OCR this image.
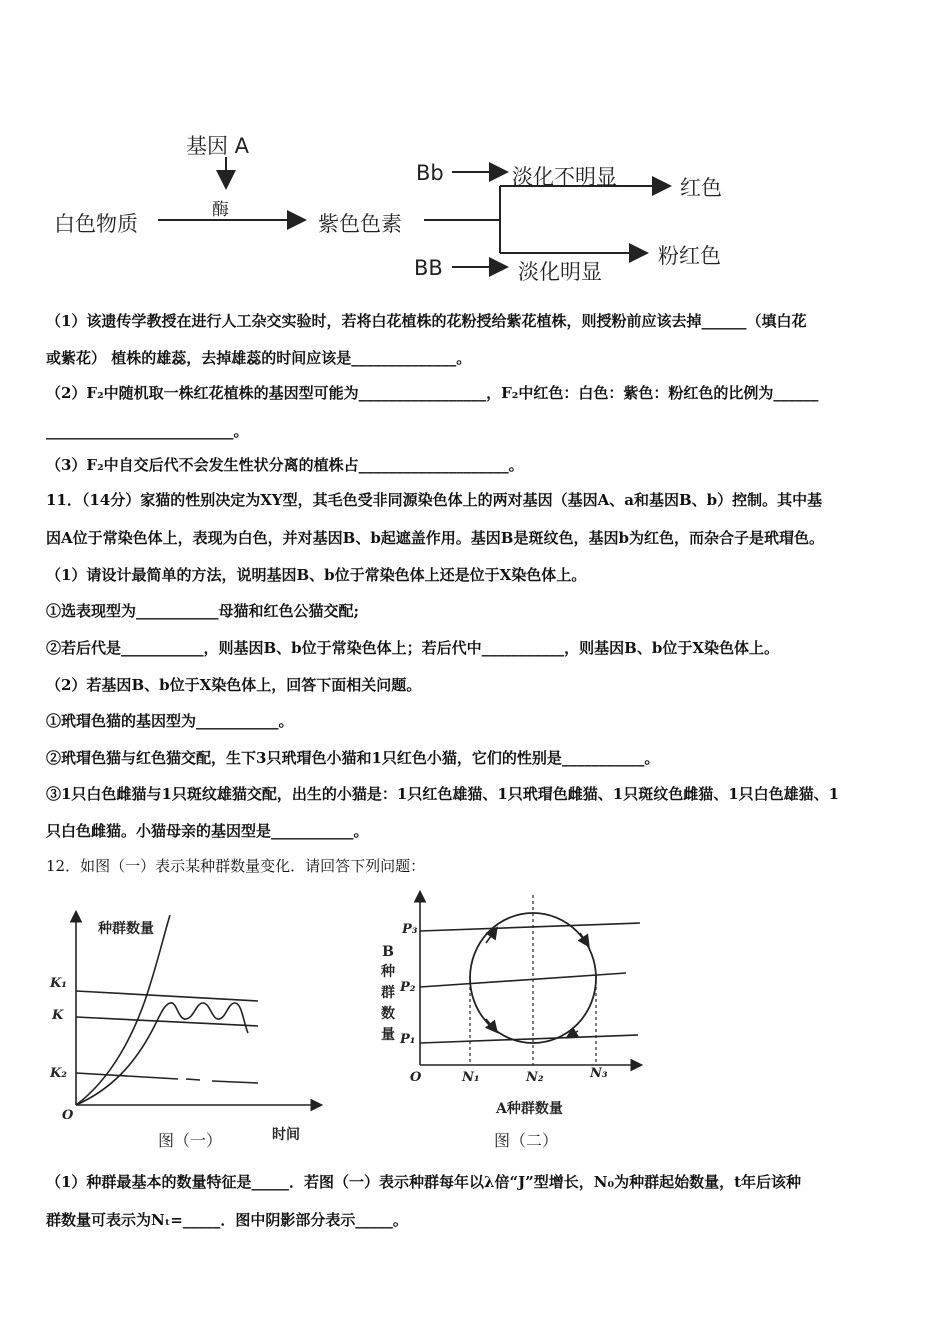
基因 A
酶
白色物质	紫色色素
Bb
BB
淡化不明显
淡化明显
红色
粉红色
（1）该遗传学教授在进行人工杂交实验时，若将白花植株的花粉授给紫花植株，则授粉前应该去掉______（填白花
或紫花） 植株的雄蕊，去掉雄蕊的时间应该是______________。
（2）F₂中随机取一株红花植株的基因型可能为_________________，F₂中红色：白色：紫色：粉红色的比例为______
_________________________。
（3）F₂中自交后代不会发生性状分离的植株占____________________。
11．（14分）家猫的性别决定为XY型，其毛色受非同源染色体上的两对基因（基因A、a和基因B、b）控制。其中基
因A位于常染色体上，表现为白色，并对基因B、b起遮盖作用。基因B是斑纹色，基因b为红色，而杂合子是玳瑁色。
（1）请设计最简单的方法，说明基因B、b位于常染色体上还是位于X染色体上。
①选表现型为___________母猫和红色公猫交配;
②若后代是___________，则基因B、b位于常染色体上；若后代中___________，则基因B、b位于X染色体上。
（2）若基因B、b位于X染色体上，回答下面相关问题。
①玳瑁色猫的基因型为___________。
②玳瑁色猫与红色猫交配，生下3只玳瑁色小猫和1只红色小猫，它们的性别是___________。
③1只白色雌猫与1只斑纹雄猫交配，出生的小猫是：1只红色雄猫、1只玳瑁色雌猫、1只斑纹色雌猫、1只白色雄猫、1
只白色雌猫。小猫母亲的基因型是___________。
12．如图（一）表示某种群数量变化．请回答下列问题：
种群数量
K₁
K
K₂
O
图（一）	时间
B
种群数量
P₃
P₂
P₁
O	N₁	N₂	N₃
A种群数量
图（二）
（1）种群最基本的数量特征是_____．若图（一）表示种群每年以λ倍“J”型增长，N₀为种群起始数量，t年后该种
群数量可表示为Nₜ=_____．图中阴影部分表示_____。
